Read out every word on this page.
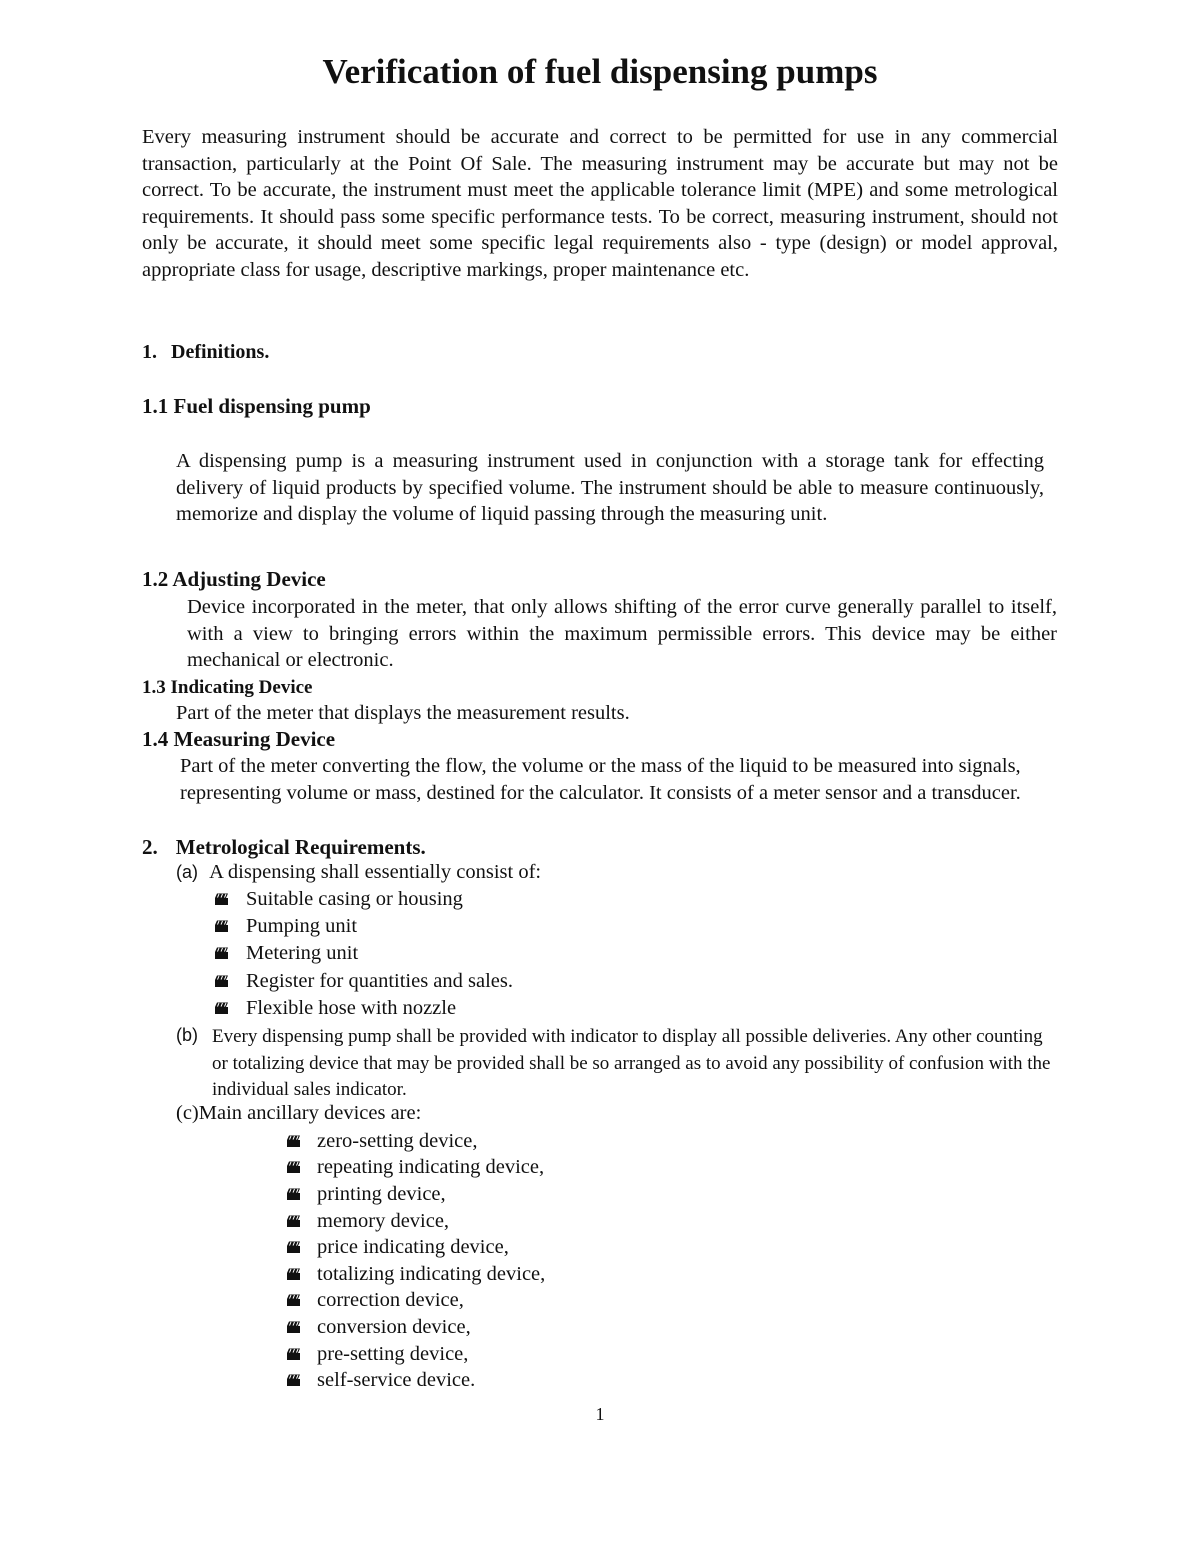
Verification of fuel dispensing pumps

Every measuring instrument should be accurate and correct to be permitted for use in any commercial transaction, particularly at the Point Of Sale. The measuring instrument may be accurate but may not be correct. To be accurate, the instrument must meet the applicable tolerance limit (MPE) and some metrological requirements. It should pass some specific performance tests. To be correct, measuring instrument, should not only be accurate, it should meet some specific legal requirements also - type (design) or model approval, appropriate class for usage, descriptive markings, proper maintenance etc.

1. Definitions.
1.1 Fuel dispensing pump

A dispensing pump is a measuring instrument used in conjunction with a storage tank for effecting delivery of liquid products by specified volume. The instrument should be able to measure continuously, memorize and display the volume of liquid passing through the measuring unit.

1.2 Adjusting Device

Device incorporated in the meter, that only allows shifting of the error curve generally parallel to itself, with a view to bringing errors within the maximum permissible errors. This device may be either mechanical or electronic.

1.3 Indicating Device

Part of the meter that displays the measurement results.

1.4 Measuring Device

Part of the meter converting the flow, the volume or the mass of the liquid to be measured into signals, representing volume or mass, destined for the calculator. It consists of a meter sensor and a transducer.

2. Metrological Requirements.
(a) A dispensing shall essentially consist of:
Suitable casing or housing
Pumping unit
Metering unit
Register for quantities and sales.
Flexible hose with nozzle
(b) Every dispensing pump shall be provided with indicator to display all possible deliveries. Any other counting or totalizing device that may be provided shall be so arranged as to avoid any possibility of confusion with the individual sales indicator.

(c)Main ancillary devices are:
zero-setting device,
repeating indicating device,
printing device,
memory device,
price indicating device,
totalizing indicating device,
correction device,
conversion device,
pre-setting device,
self-service device.
1
